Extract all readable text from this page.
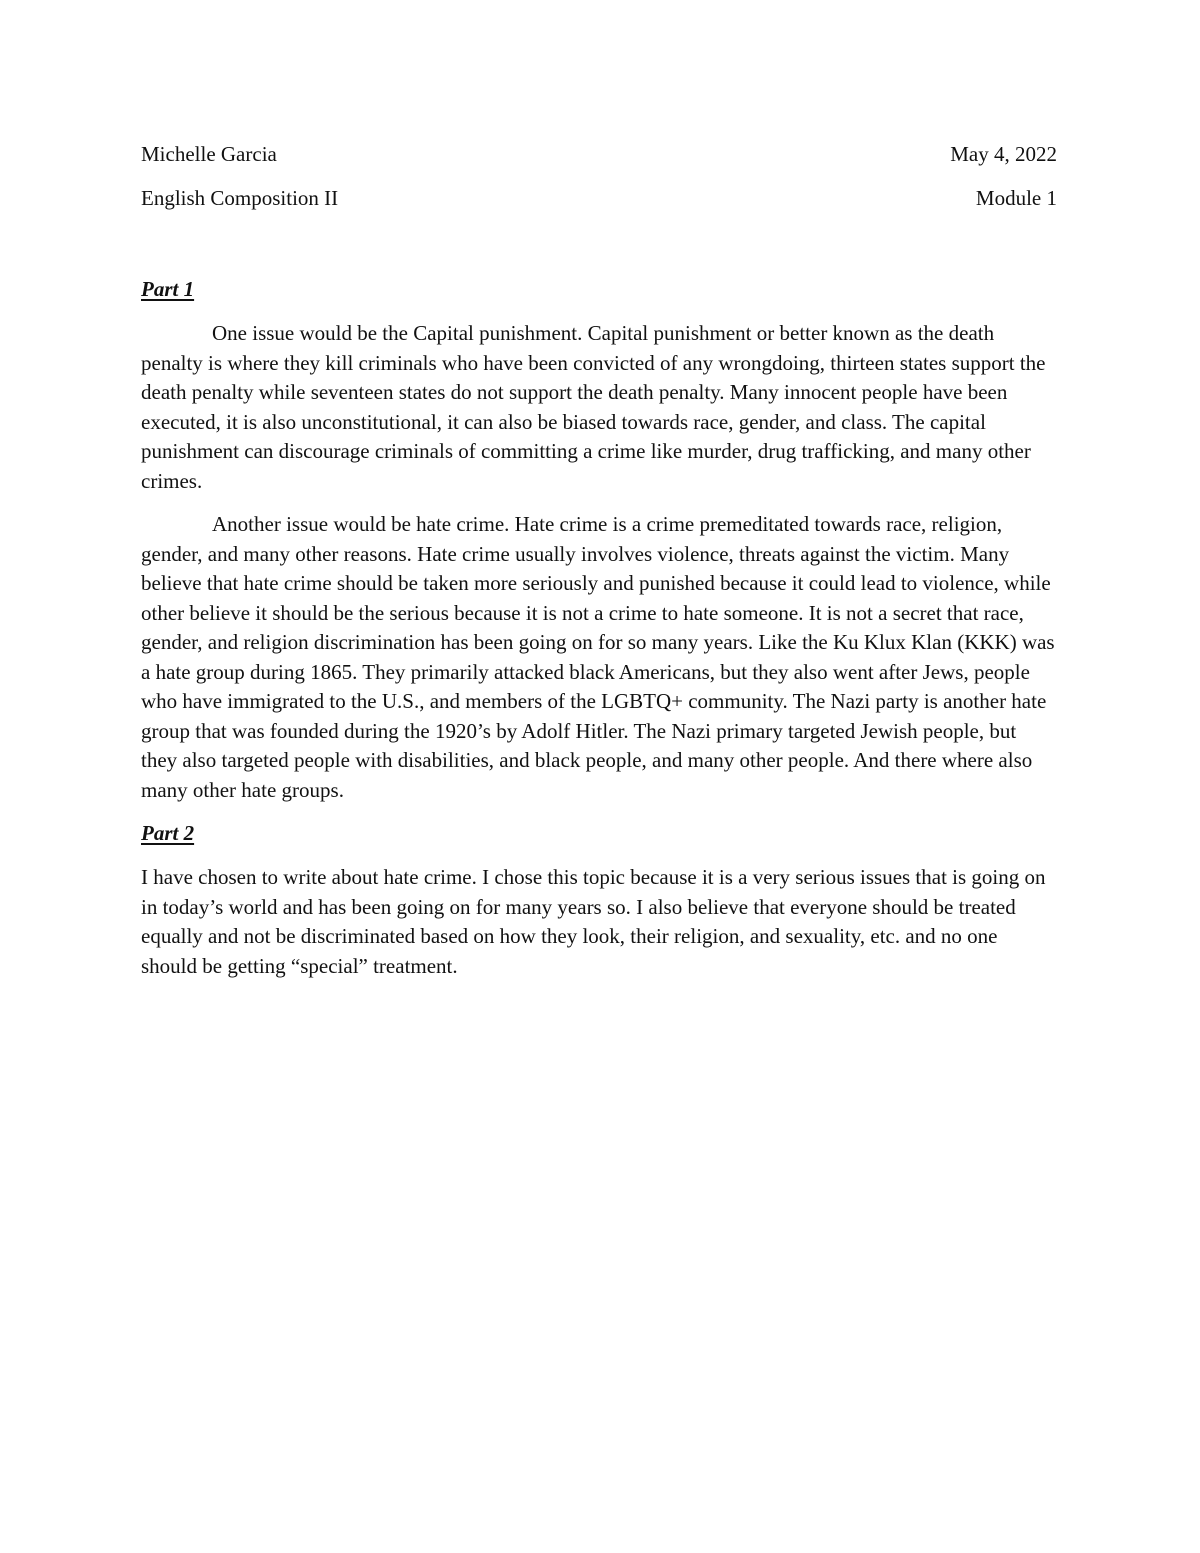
Michelle Garcia	May 4, 2022
English Composition II	Module 1
Part 1

One issue would be the Capital punishment. Capital punishment or better known as the death penalty is where they kill criminals who have been convicted of any wrongdoing, thirteen states support the death penalty while seventeen states do not support the death penalty. Many innocent people have been executed, it is also unconstitutional, it can also be biased towards race, gender, and class. The capital punishment can discourage criminals of committing a crime like murder, drug trafficking, and many other crimes.

Another issue would be hate crime. Hate crime is a crime premeditated towards race, religion, gender, and many other reasons. Hate crime usually involves violence, threats against the victim. Many believe that hate crime should be taken more seriously and punished because it could lead to violence, while other believe it should be the serious because it is not a crime to hate someone. It is not a secret that race, gender, and religion discrimination has been going on for so many years. Like the Ku Klux Klan (KKK) was a hate group during 1865. They primarily attacked black Americans, but they also went after Jews, people who have immigrated to the U.S., and members of the LGBTQ+ community. The Nazi party is another hate group that was founded during the 1920’s by Adolf Hitler. The Nazi primary targeted Jewish people, but they also targeted people with disabilities, and black people, and many other people. And there where also many other hate groups.

Part 2

I have chosen to write about hate crime. I chose this topic because it is a very serious issues that is going on in today’s world and has been going on for many years so. I also believe that everyone should be treated equally and not be discriminated based on how they look, their religion, and sexuality, etc. and no one should be getting “special” treatment.
